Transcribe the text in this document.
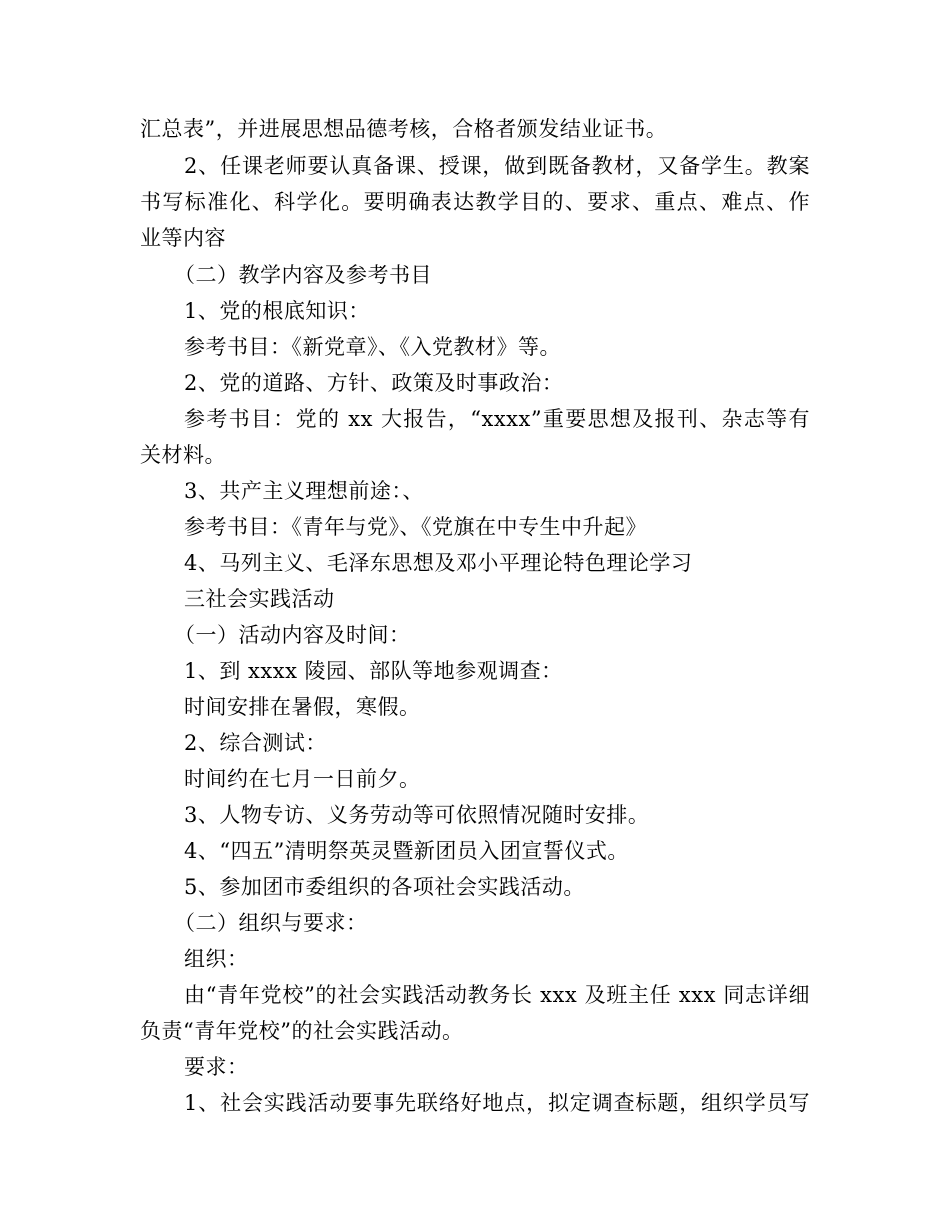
汇总表”，并进展思想品德考核，合格者颁发结业证书。
2、任课老师要认真备课、授课，做到既备教材，又备学生。教案
书写标准化、科学化。要明确表达教学目的、要求、重点、难点、作
业等内容
（二）教学内容及参考书目
1、党的根底知识：
参考书目：《新党章》、《入党教材》等。
2、党的道路、方针、政策及时事政治：
参考书目：党的 xx 大报告，“xxxx”重要思想及报刊、杂志等有
关材料。
3、共产主义理想前途：、
参考书目：《青年与党》、《党旗在中专生中升起》
4、马列主义、毛泽东思想及邓小平理论特色理论学习
三社会实践活动
（一）活动内容及时间：
1、到 xxxx 陵园、部队等地参观调查：
时间安排在暑假，寒假。
2、综合测试：
时间约在七月一日前夕。
3、人物专访、义务劳动等可依照情况随时安排。
4、“四五”清明祭英灵暨新团员入团宣誓仪式。
5、参加团市委组织的各项社会实践活动。
（二）组织与要求：
组织：
由“青年党校”的社会实践活动教务长 xxx 及班主任 xxx 同志详细
负责“青年党校”的社会实践活动。
要求：
1、社会实践活动要事先联络好地点，拟定调查标题，组织学员写
